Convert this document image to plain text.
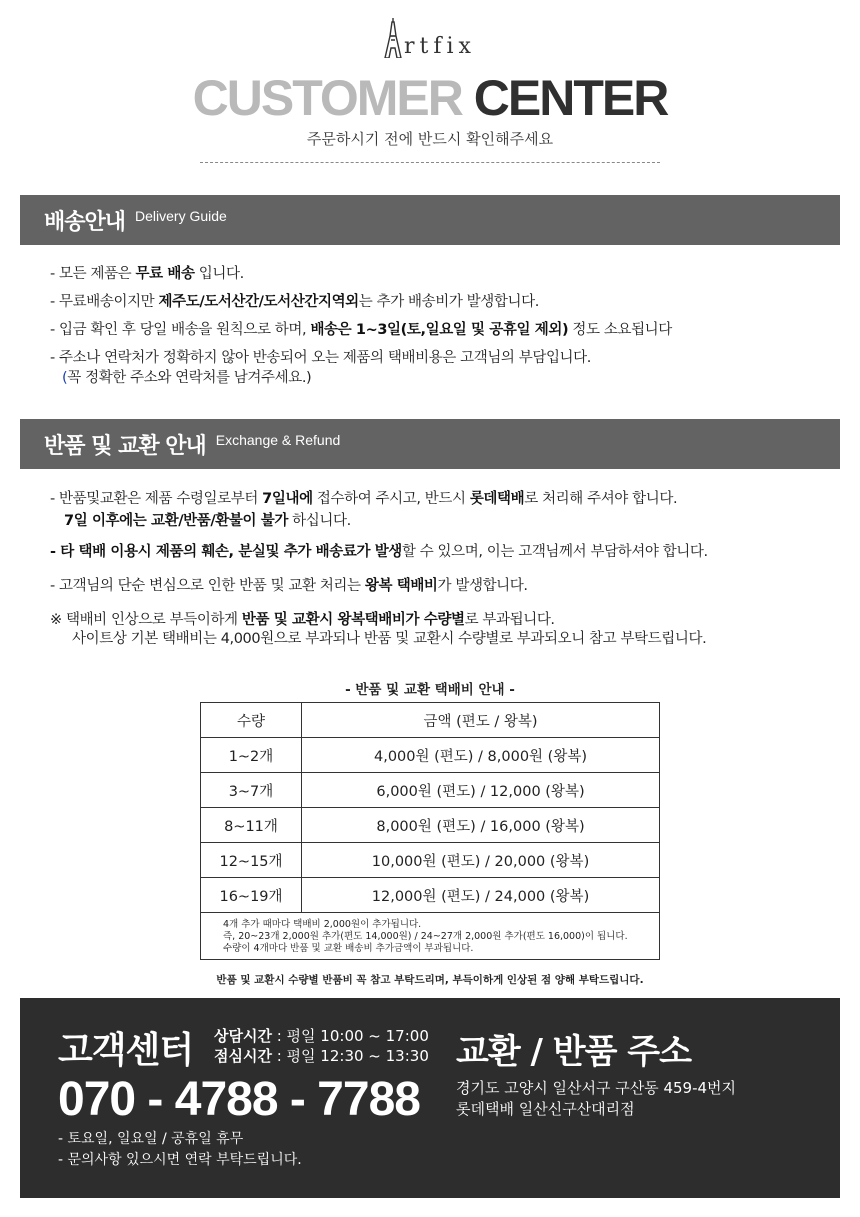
rtfix
CUSTOMER CENTER
주문하시기 전에 반드시 확인해주세요
배송안내 Delivery Guide
- 모든 제품은 무료 배송 입니다.
- 무료배송이지만 제주도/도서산간/도서산간지역외는 추가 배송비가 발생합니다.
- 입금 확인 후 당일 배송을 원칙으로 하며, 배송은 1~3일(토,일요일 및 공휴일 제외) 정도 소요됩니다
- 주소나 연락처가 정확하지 않아 반송되어 오는 제품의 택배비용은 고객님의 부담입니다.
(꼭 정확한 주소와 연락처를 남겨주세요.)
반품 및 교환 안내 Exchange & Refund
- 반품및교환은 제품 수령일로부터 7일내에 접수하여 주시고, 반드시 롯데택배로 처리해 주셔야 합니다.
7일 이후에는 교환/반품/환불이 불가 하십니다.
- 타 택배 이용시 제품의 훼손, 분실및 추가 배송료가 발생할 수 있으며, 이는 고객님께서 부담하셔야 합니다.
- 고객님의 단순 변심으로 인한 반품 및 교환 처리는 왕복 택배비가 발생합니다.
※ 택배비 인상으로 부득이하게 반품 및 교환시 왕복택배비가 수량별로 부과됩니다.
사이트상 기본 택배비는 4,000원으로 부과되나 반품 및 교환시 수량별로 부과되오니 참고 부탁드립니다.
- 반품 및 교환 택배비 안내 -
수량	금액 (편도 / 왕복)
1~2개	4,000원 (편도) / 8,000원 (왕복)
3~7개	6,000원 (편도) / 12,000 (왕복)
8~11개	8,000원 (편도) / 16,000 (왕복)
12~15개	10,000원 (편도) / 20,000 (왕복)
16~19개	12,000원 (편도) / 24,000 (왕복)

4개 추가 때마다 택배비 2,000원이 추가됩니다.
즉, 20~23개 2,000원 추가(편도 14,000원) / 24~27개 2,000원 추가(편도 16,000)이 됩니다.
수량이 4개마다 반품 및 교환 배송비 추가금액이 부과됩니다.	
반품 및 교환시 수량별 반품비 꼭 참고 부탁드리며, 부득이하게 인상된 점 양해 부탁드립니다.
고객센터 상담시간 : 평일 10:00 ~ 17:00
점심시간 : 평일 12:30 ~ 13:30
070 - 4788 - 7788
- 토요일, 일요일 / 공휴일 휴무
- 문의사항 있으시면 연락 부탁드립니다.
교환 / 반품 주소
경기도 고양시 일산서구 구산동 459-4번지
롯데택배 일산신구산대리점
